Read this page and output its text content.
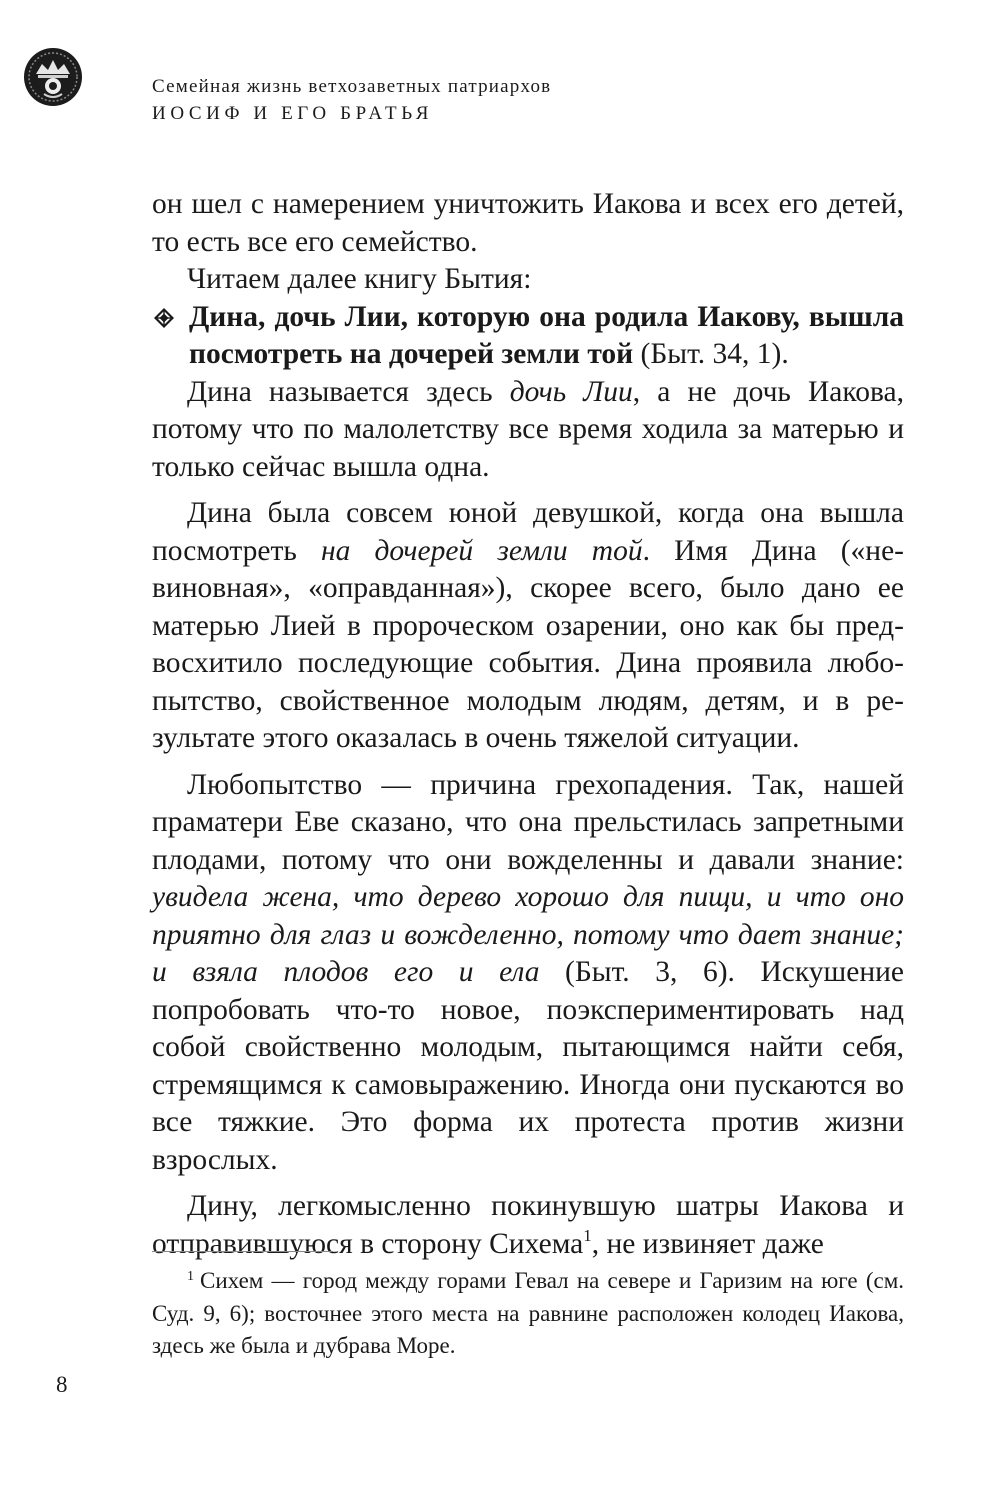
Семейная жизнь ветхозаветных патриархов
ИОСИФ И ЕГО БРАТЬЯ

он шел с намерением уничтожить Иакова и всех его детей, то есть все его семейство.

Читаем далее книгу Бытия:

Дина, дочь Лии, которую она родила Иакову, вышла посмотреть на дочерей земли той (Быт. 34, 1).

Дина называется здесь дочь Лии, а не дочь Иакова, потому что по малолетству все время ходила за матерью и только сейчас вышла одна.

Дина была совсем юной девушкой, когда она вышла посмотреть на дочерей земли той. Имя Дина («невиновная», «оправданная»), скорее всего, было дано ее матерью Лией в пророческом озарении, оно как бы предвосхитило последующие события. Дина проявила любопытство, свойственное молодым людям, детям, и в результате этого оказалась в очень тяжелой ситуации.

Любопытство — причина грехопадения. Так, нашей праматери Еве сказано, что она прельстилась запретными плодами, потому что они вожделенны и давали знание: увидела жена, что дерево хорошо для пищи, и что оно приятно для глаз и вожделенно, потому что дает знание; и взяла плодов его и ела (Быт. 3, 6). Искушение попробовать что-то новое, поэкспериментировать над собой свойственно молодым, пытающимся найти себя, стремящимся к самовыражению. Иногда они пускаются во все тяжкие. Это форма их протеста против жизни взрослых.

Дину, легкомысленно покинувшую шатры Иакова и отправившуюся в сторону Сихема$^1$, не извиняет даже

$^1$ Сихем — город между горами Гевал на севере и Гаризим на юге (см. Суд. 9, 6); восточнее этого места на равнине расположен колодец Иакова, здесь же была и дубрава Море.
8
